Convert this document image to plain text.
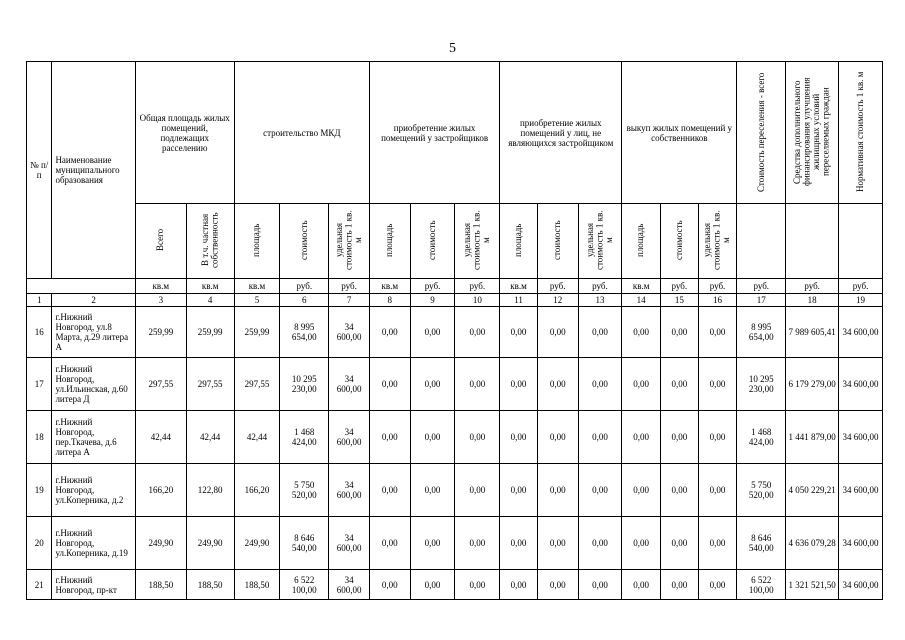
5
№ п/п	Наименование муниципального образования	Общая площадь жилых помещений, подлежащих расселению		строительство МКД			приобретение жилых помещений у застройщиков			приобретение жилых помещений у лиц, не являющихся застройщиком			выкуп жилых помещений у собственников			Стоимость переселения - всего	Средства дополнительного финансирования улучшения жилищных условий переселяемых граждан	Нормативная стоимость 1 кв. м
		Всего	В т.ч. частная собственность	площадь	стоимость	удельная стоимость 1 кв. м	площадь	стоимость	удельная стоимость 1 кв. м	площадь	стоимость	удельная стоимость 1 кв. м	площадь	стоимость	удельная стоимость 1 кв. м			
		кв.м	кв.м	кв.м	руб.	руб.	кв.м	руб.	руб.	кв.м	руб.	руб.	кв.м	руб.	руб.	руб.	руб.	руб.
1	2	3	4	5	6	7	8	9	10	11	12	13	14	15	16	17	18	19
16	г.Нижний Новгород, ул.8 Марта, д.29 литера А	259,99	259,99	259,99	8 995 654,00	34 600,00	0,00	0,00	0,00	0,00	0,00	0,00	0,00	0,00	0,00	8 995 654,00	7 989 605,41	34 600,00
17	г.Нижний Новгород, ул.Ильинская, д.60 литера Д	297,55	297,55	297,55	10 295 230,00	34 600,00	0,00	0,00	0,00	0,00	0,00	0,00	0,00	0,00	0,00	10 295 230,00	6 179 279,00	34 600,00
18	г.Нижний Новгород, пер.Ткачева, д.6 литера А	42,44	42,44	42,44	1 468 424,00	34 600,00	0,00	0,00	0,00	0,00	0,00	0,00	0,00	0,00	0,00	1 468 424,00	1 441 879,00	34 600,00
19	г.Нижний Новгород, ул.Коперника, д.2	166,20	122,80	166,20	5 750 520,00	34 600,00	0,00	0,00	0,00	0,00	0,00	0,00	0,00	0,00	0,00	5 750 520,00	4 050 229,21	34 600,00
20	г.Нижний Новгород, ул.Коперника, д.19	249,90	249,90	249,90	8 646 540,00	34 600,00	0,00	0,00	0,00	0,00	0,00	0,00	0,00	0,00	0,00	8 646 540,00	4 636 079,28	34 600,00
21	г.Нижний Новгород, пр-кт	188,50	188,50	188,50	6 522 100,00	34 600,00	0,00	0,00	0,00	0,00	0,00	0,00	0,00	0,00	0,00	6 522 100,00	1 321 521,50	34 600,00
